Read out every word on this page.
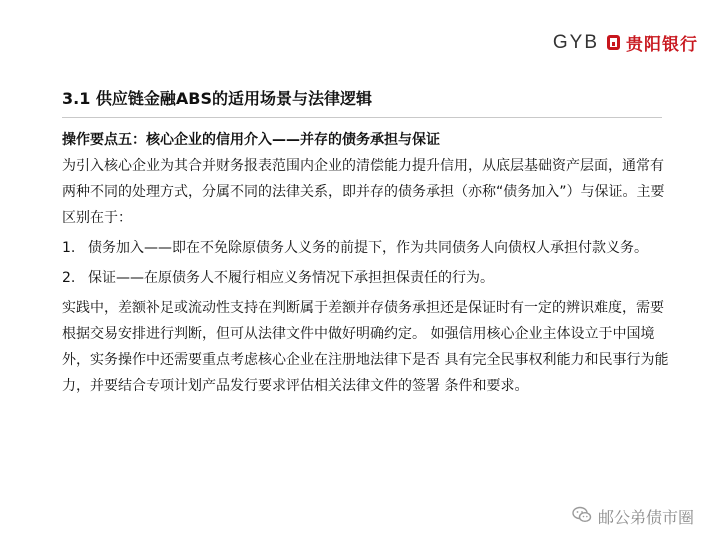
GYB 贵阳银行
3.1 供应链金融ABS的适用场景与法律逻辑

操作要点五：核心企业的信用介入——并存的债务承担与保证

为引入核心企业为其合并财务报表范围内企业的清偿能力提升信用，从底层基础资产层面，通常有两种不同的处理方式，分属不同的法律关系，即并存的债务承担（亦称“债务加入”）与保证。主要区别在于：

1. 债务加入——即在不免除原债务人义务的前提下，作为共同债务人向债权人承担付款义务。
2. 保证——在原债务人不履行相应义务情况下承担担保责任的行为。

实践中，差额补足或流动性支持在判断属于差额并存债务承担还是保证时有一定的辨识难度，需要根据交易安排进行判断，但可从法律文件中做好明确约定。 如强信用核心企业主体设立于中国境外，实务操作中还需要重点考虑核心企业在注册地法律下是否 具有完全民事权利能力和民事行为能力，并要结合专项计划产品发行要求评估相关法律文件的签署 条件和要求。

邮公弟债市圈
